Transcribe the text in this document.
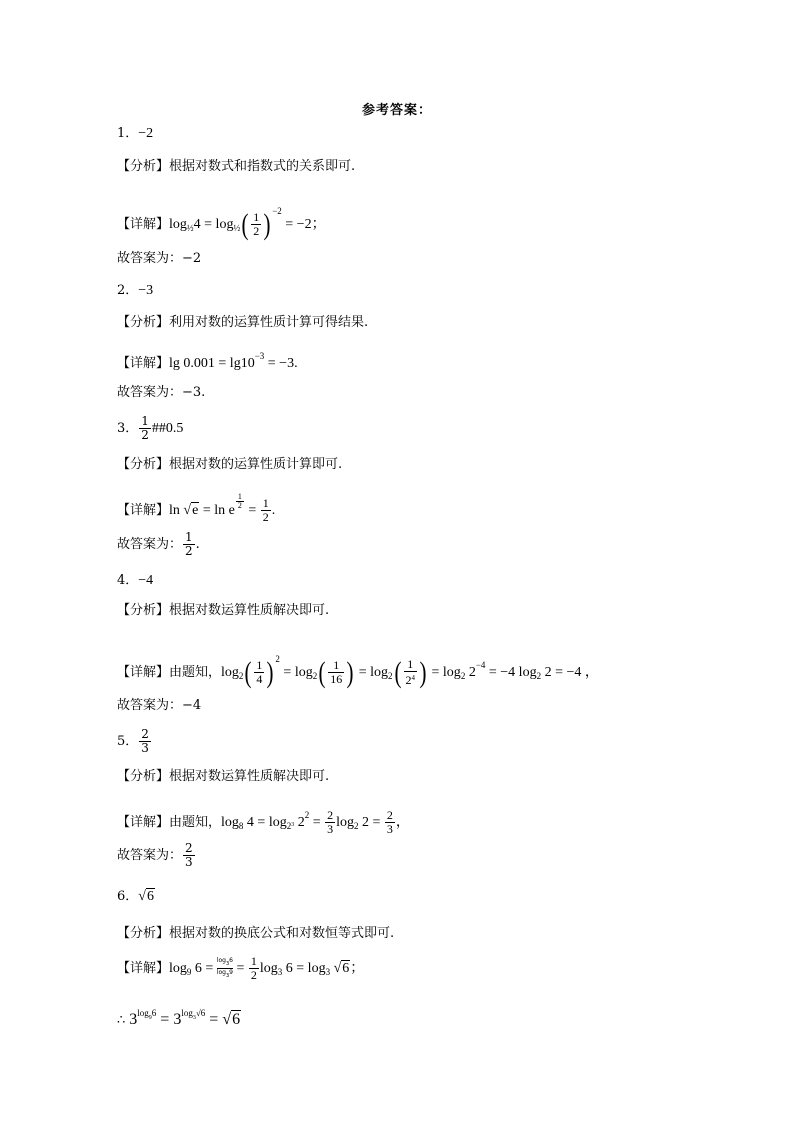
参考答案：
1．−2
【分析】根据对数式和指数式的关系即可.
【详解】$\log_{\frac{1}{2}}4 = \log_{\frac{1}{2}}( \frac{1}{2}$ ) $^{-2}$ = −2；
故答案为：−2
2．−3
【分析】利用对数的运算性质计算可得结果.
【详解】$\lg 0.001 = \lg 10^{-3} = -3$.
故答案为：−3.
3． $\frac{1}{2}$ ##0.5
【分析】根据对数的运算性质计算即可.
【详解】ln √e = ln e
$^{\frac{1}{2}}$
= $\frac{1}{2}$ .
故答案为： $\frac{1}{2}$ .
4．−4
【分析】根据对数运算性质解决即可.
【详解】由题知，$\log_2( \frac{1}{4}$ ) $^2 = \log_2( \frac{1}{16}$ ) = $\log_2( \frac{1}{2^4}$ ) = $\log_2 2^{-4} = -4$ $\log_2 2 = -4$ ，
故答案为：−4
5． $\frac{2}{3}$
【分析】根据对数运算性质解决即可.
【详解】由题知，$\log_8 4 = \log_{2^3} 2^2 = \frac{2}{3} \log_2 2 = \frac{2}{3}$ ，
故答案为： $\frac{2}{3}$
6．√6
【分析】根据对数的换底公式和对数恒等式即可.
【详解】$\log_9 6 = \frac{\log_36}{\log_39} = \frac{1}{2} \log_3 6 = \log_3 √6$；
∴ $3^{log_96} = 3^{log_3√6} = √6$
